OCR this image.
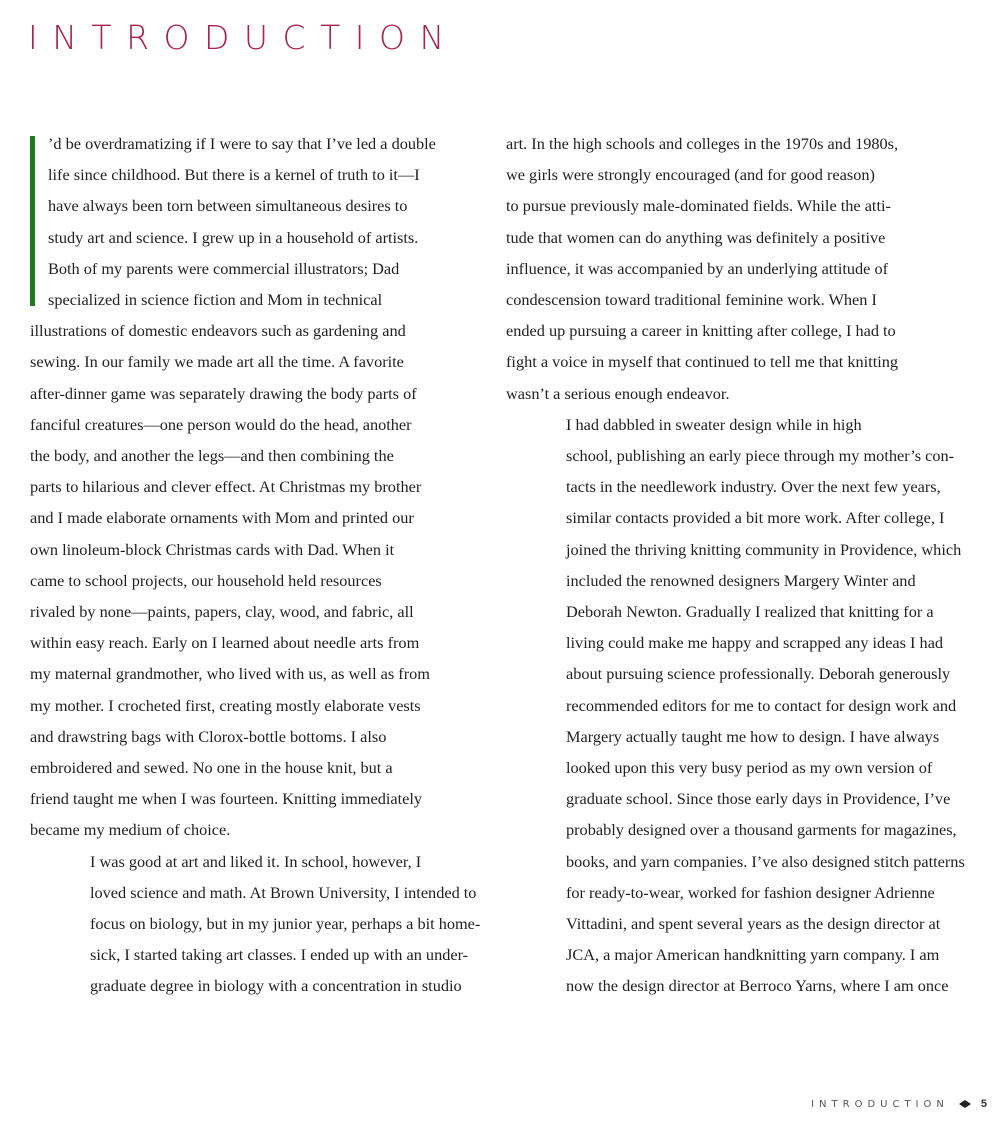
INTRODUCTION

’d be overdramatizing if I were to say that I’ve led a double
life since childhood. But there is a kernel of truth to it—I
have always been torn between simultaneous desires to
study art and science. I grew up in a household of artists.
Both of my parents were commercial illustrators; Dad
specialized in science fiction and Mom in technical
illustrations of domestic endeavors such as gardening and
sewing. In our family we made art all the time. A favorite
after-dinner game was separately drawing the body parts of
fanciful creatures—one person would do the head, another
the body, and another the legs—and then combining the
parts to hilarious and clever effect. At Christmas my brother
and I made elaborate ornaments with Mom and printed our
own linoleum-block Christmas cards with Dad. When it
came to school projects, our household held resources
rivaled by none—paints, papers, clay, wood, and fabric, all
within easy reach. Early on I learned about needle arts from
my maternal grandmother, who lived with us, as well as from
my mother. I crocheted first, creating mostly elaborate vests
and drawstring bags with Clorox-bottle bottoms. I also
embroidered and sewed. No one in the house knit, but a
friend taught me when I was fourteen. Knitting immediately
became my medium of choice.

I was good at art and liked it. In school, however, I
loved science and math. At Brown University, I intended to
focus on biology, but in my junior year, perhaps a bit home-
sick, I started taking art classes. I ended up with an under-
graduate degree in biology with a concentration in studio

art. In the high schools and colleges in the 1970s and 1980s,
we girls were strongly encouraged (and for good reason)
to pursue previously male-dominated fields. While the atti-
tude that women can do anything was definitely a positive
influence, it was accompanied by an underlying attitude of
condescension toward traditional feminine work. When I
ended up pursuing a career in knitting after college, I had to
fight a voice in myself that continued to tell me that knitting
wasn’t a serious enough endeavor.

I had dabbled in sweater design while in high
school, publishing an early piece through my mother’s con-
tacts in the needlework industry. Over the next few years,
similar contacts provided a bit more work. After college, I
joined the thriving knitting community in Providence, which
included the renowned designers Margery Winter and
Deborah Newton. Gradually I realized that knitting for a
living could make me happy and scrapped any ideas I had
about pursuing science professionally. Deborah generously
recommended editors for me to contact for design work and
Margery actually taught me how to design. I have always
looked upon this very busy period as my own version of
graduate school. Since those early days in Providence, I’ve
probably designed over a thousand garments for magazines,
books, and yarn companies. I’ve also designed stitch patterns
for ready-to-wear, worked for fashion designer Adrienne
Vittadini, and spent several years as the design director at
JCA, a major American handknitting yarn company. I am
now the design director at Berroco Yarns, where I am once

INTRODUCTION	5
